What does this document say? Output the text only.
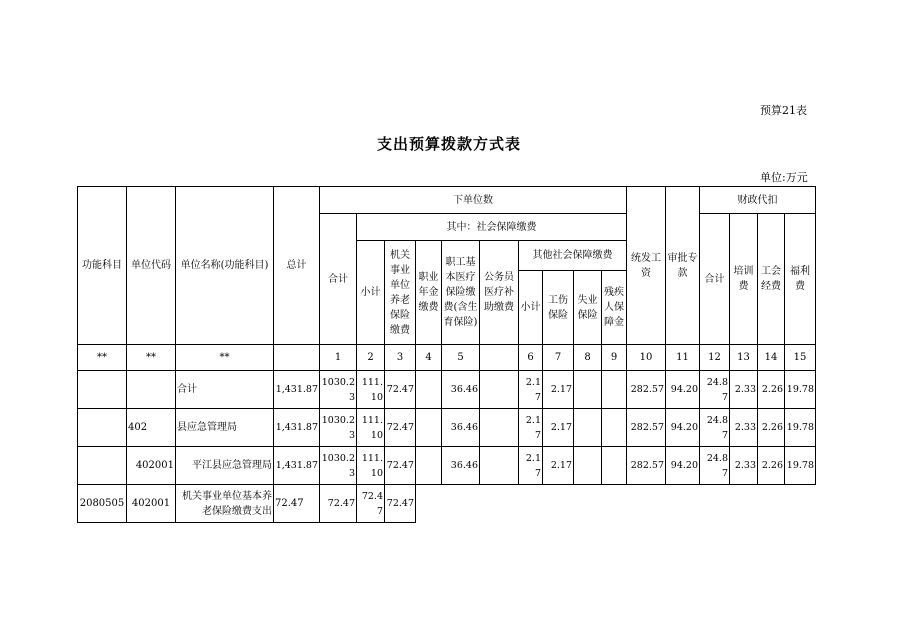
预算21表
支出预算拨款方式表
单位:万元
功能科目	单位代码	单位名称(功能科目)	总计	下单位数										统发工资	审批专款	财政代扣			
				合计	其中：社会保障缴费											合计	培训费	工会经费	福利费
					小计	机关事业单位养老保险缴费	职业年金缴费	职工基本医疗保险缴费(含生育保险)	公务员医疗补助缴费	其他社会保障缴费									
										小计	工伤保险	失业保险	残疾人保障金						
**	**	**		1	2	3	4	5		6	7	8	9	10	11	12	13	14	15
		合计	1,431.87	1030.23	111.10	72.47		36.46		2.17	2.17			282.57	94.20	24.87	2.33	2.26	19.78
	402	县应急管理局	1,431.87	1030.23	111.10	72.47		36.46		2.17	2.17			282.57	94.20	24.87	2.33	2.26	19.78
	402001	平江县应急管理局	1,431.87	1030.23	111.10	72.47		36.46		2.17	2.17			282.57	94.20	24.87	2.33	2.26	19.78
2080505	402001	机关事业单位基本养老保险缴费支出	72.47	72.47	72.47	72.47													
